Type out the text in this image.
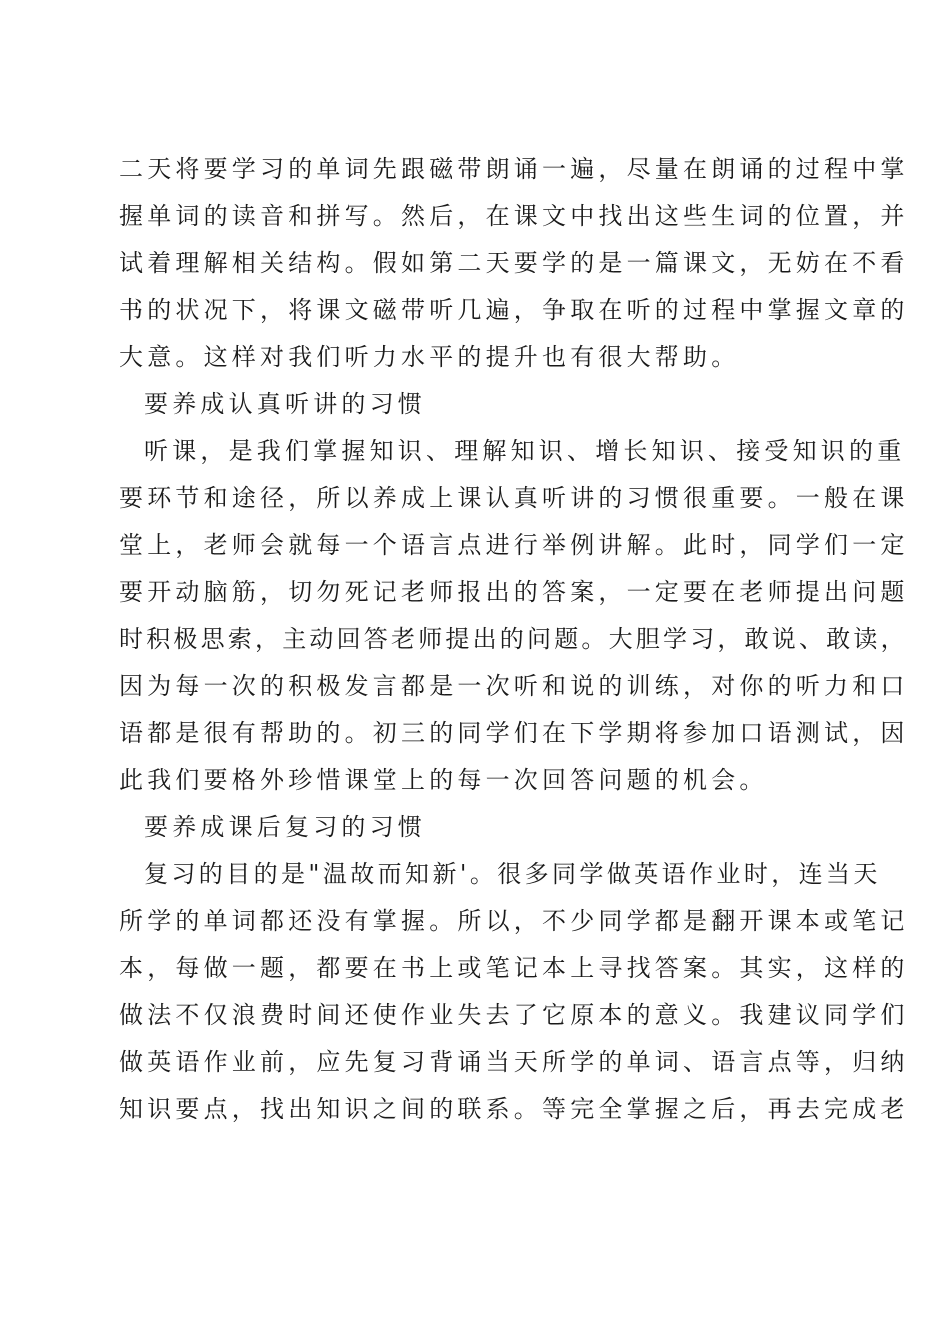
二天将要学习的单词先跟磁带朗诵一遍，尽量在朗诵的过程中掌
握单词的读音和拼写。然后，在课文中找出这些生词的位置，并
试着理解相关结构。假如第二天要学的是一篇课文，无妨在不看
书的状况下，将课文磁带听几遍，争取在听的过程中掌握文章的
大意。这样对我们听力水平的提升也有很大帮助。
要养成认真听讲的习惯
听课，是我们掌握知识、理解知识、增长知识、接受知识的重
要环节和途径，所以养成上课认真听讲的习惯很重要。一般在课
堂上，老师会就每一个语言点进行举例讲解。此时，同学们一定
要开动脑筋，切勿死记老师报出的答案，一定要在老师提出问题
时积极思索，主动回答老师提出的问题。大胆学习，敢说、敢读，
因为每一次的积极发言都是一次听和说的训练，对你的听力和口
语都是很有帮助的。初三的同学们在下学期将参加口语测试，因
此我们要格外珍惜课堂上的每一次回答问题的机会。
要养成课后复习的习惯
复习的目的是"温故而知新'。很多同学做英语作业时，连当天
所学的单词都还没有掌握。所以，不少同学都是翻开课本或笔记
本，每做一题，都要在书上或笔记本上寻找答案。其实，这样的
做法不仅浪费时间还使作业失去了它原本的意义。我建议同学们
做英语作业前，应先复习背诵当天所学的单词、语言点等，归纳
知识要点，找出知识之间的联系。等完全掌握之后，再去完成老
